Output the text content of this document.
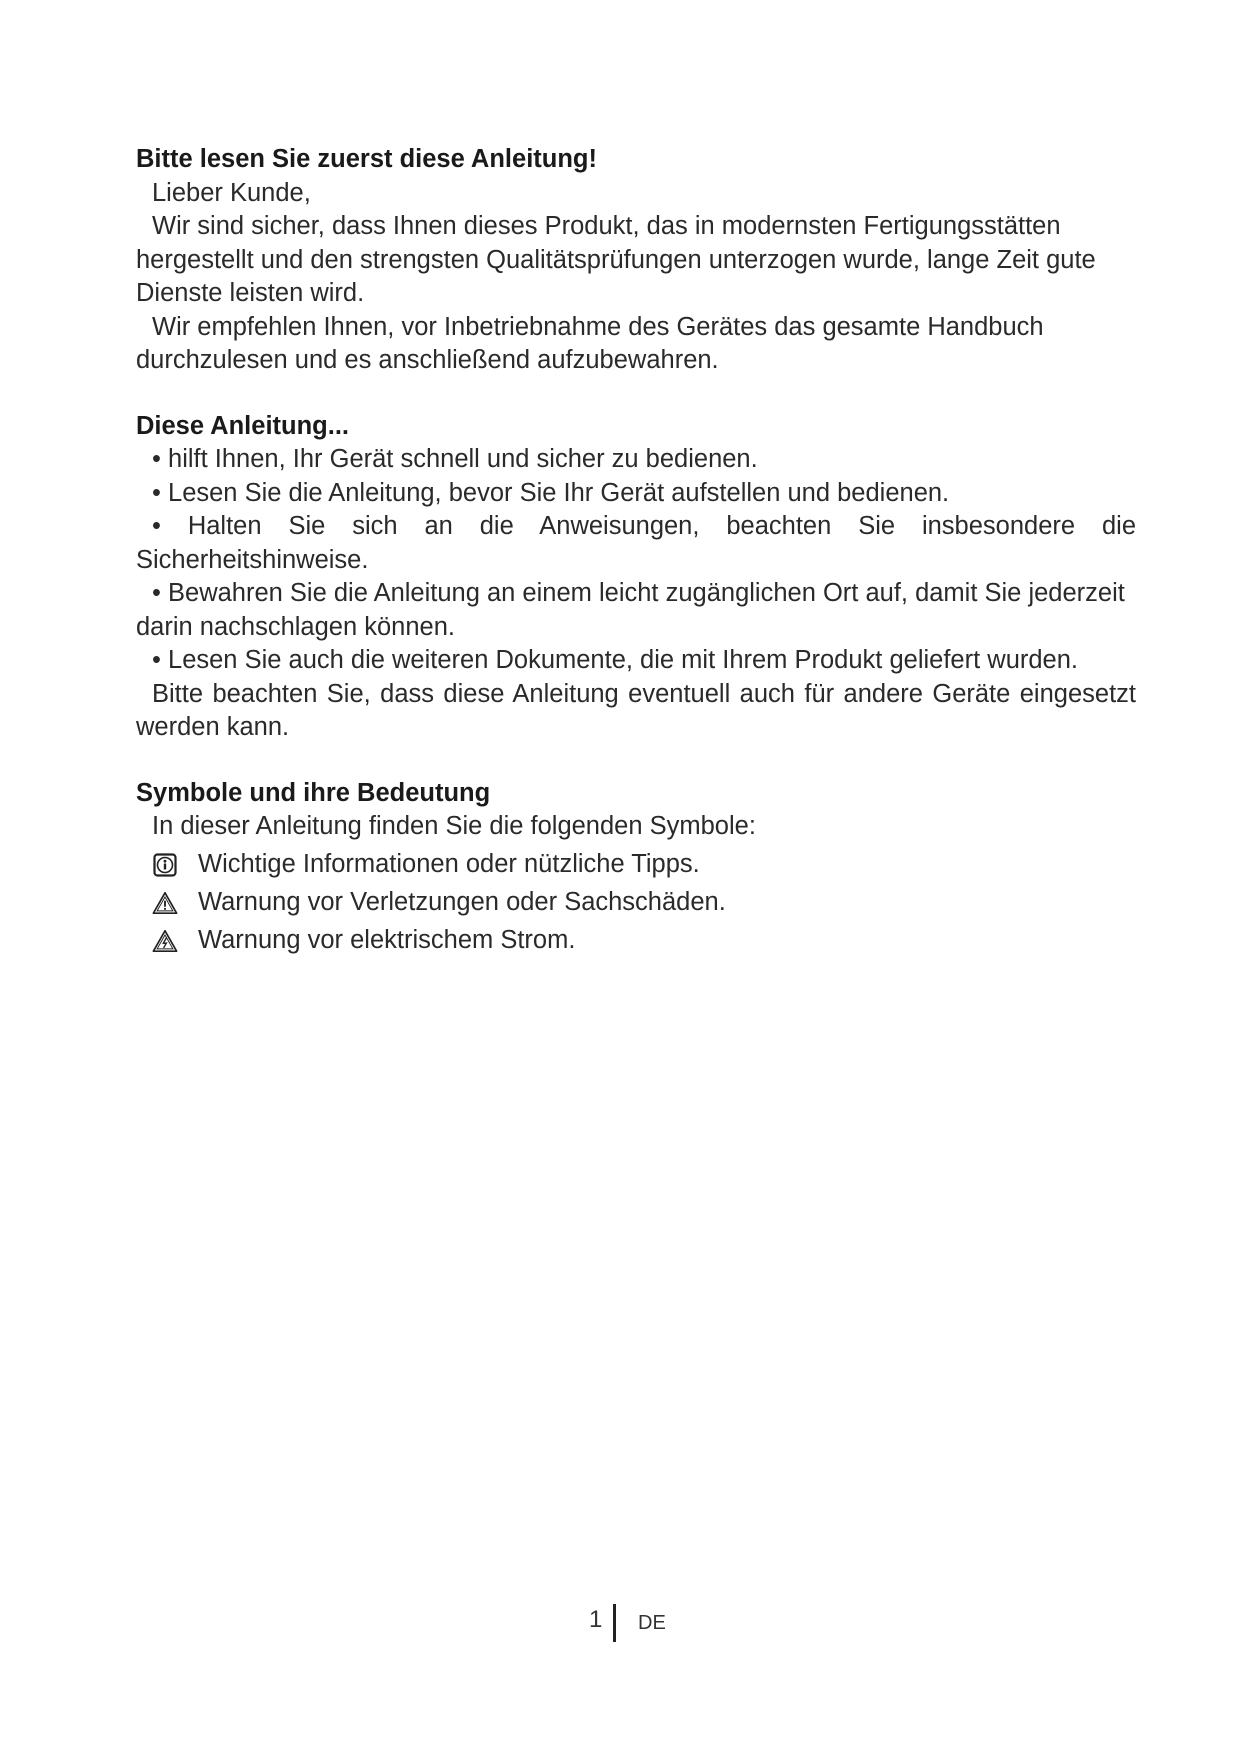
Bitte lesen Sie zuerst diese Anleitung!

Lieber Kunde,

Wir sind sicher, dass Ihnen dieses Produkt, das in modernsten Fertigungsstätten hergestellt und den strengsten Qualitätsprüfungen unterzogen wurde, lange Zeit gute Dienste leisten wird.

Wir empfehlen Ihnen, vor Inbetriebnahme des Gerätes das gesamte Handbuch durchzulesen und es anschließend aufzubewahren.

Diese Anleitung...

• hilft Ihnen, Ihr Gerät schnell und sicher zu bedienen.

• Lesen Sie die Anleitung, bevor Sie Ihr Gerät aufstellen und bedienen.

• Halten Sie sich an die Anweisungen, beachten Sie insbesondere die Sicherheitshinweise.

• Bewahren Sie die Anleitung an einem leicht zugänglichen Ort auf, damit Sie jederzeit darin nachschlagen können.

• Lesen Sie auch die weiteren Dokumente, die mit Ihrem Produkt geliefert wurden.

Bitte beachten Sie, dass diese Anleitung eventuell auch für andere Geräte eingesetzt werden kann.

Symbole und ihre Bedeutung

In dieser Anleitung finden Sie die folgenden Symbole:

Wichtige Informationen oder nützliche Tipps.
Warnung vor Verletzungen oder Sachschäden.
Warnung vor elektrischem Strom.
1 DE
